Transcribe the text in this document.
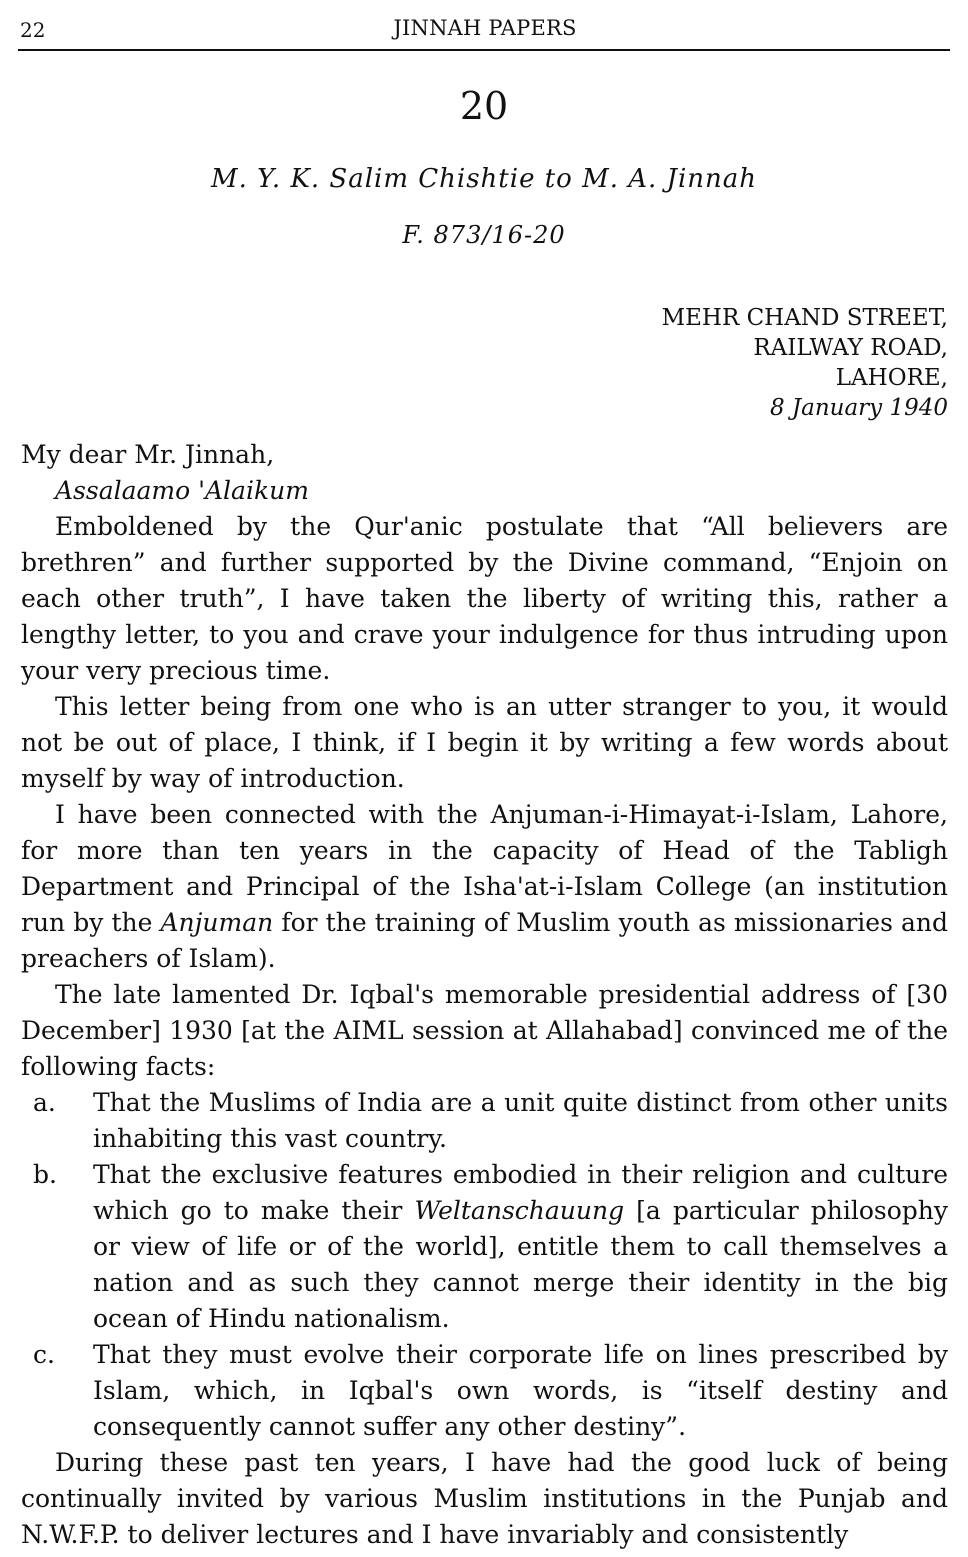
22	JINNAH PAPERS
20
M. Y. K. Salim Chishtie to M. A. Jinnah
F. 873/16-20
MEHR CHAND STREET,
RAILWAY ROAD,
LAHORE,
8 January 1940
My dear Mr. Jinnah,
Assalaamo 'Alaikum

Emboldened by the Qur'anic postulate that “All believers are brethren” and further supported by the Divine command, “Enjoin on each other truth”, I have taken the liberty of writing this, rather a lengthy letter, to you and crave your indulgence for thus intruding upon your very precious time.

This letter being from one who is an utter stranger to you, it would not be out of place, I think, if I begin it by writing a few words about myself by way of introduction.

I have been connected with the Anjuman-i-Himayat-i-Islam, Lahore, for more than ten years in the capacity of Head of the Tabligh Department and Principal of the Isha'at-i-Islam College (an institution run by the Anjuman for the training of Muslim youth as missionaries and preachers of Islam).

The late lamented Dr. Iqbal's memorable presidential address of [30 December] 1930 [at the AIML session at Allahabad] convinced me of the following facts:

a.	That the Muslims of India are a unit quite distinct from other units inhabiting this vast country.
b.	That the exclusive features embodied in their religion and culture which go to make their Weltanschauung [a particular philosophy or view of life or of the world], entitle them to call themselves a nation and as such they cannot merge their identity in the big ocean of Hindu nationalism.
c.	That they must evolve their corporate life on lines prescribed by Islam, which, in Iqbal's own words, is “itself destiny and consequently cannot suffer any other destiny”.

During these past ten years, I have had the good luck of being continually invited by various Muslim institutions in the Punjab and N.W.F.P. to deliver lectures and I have invariably and consistently
